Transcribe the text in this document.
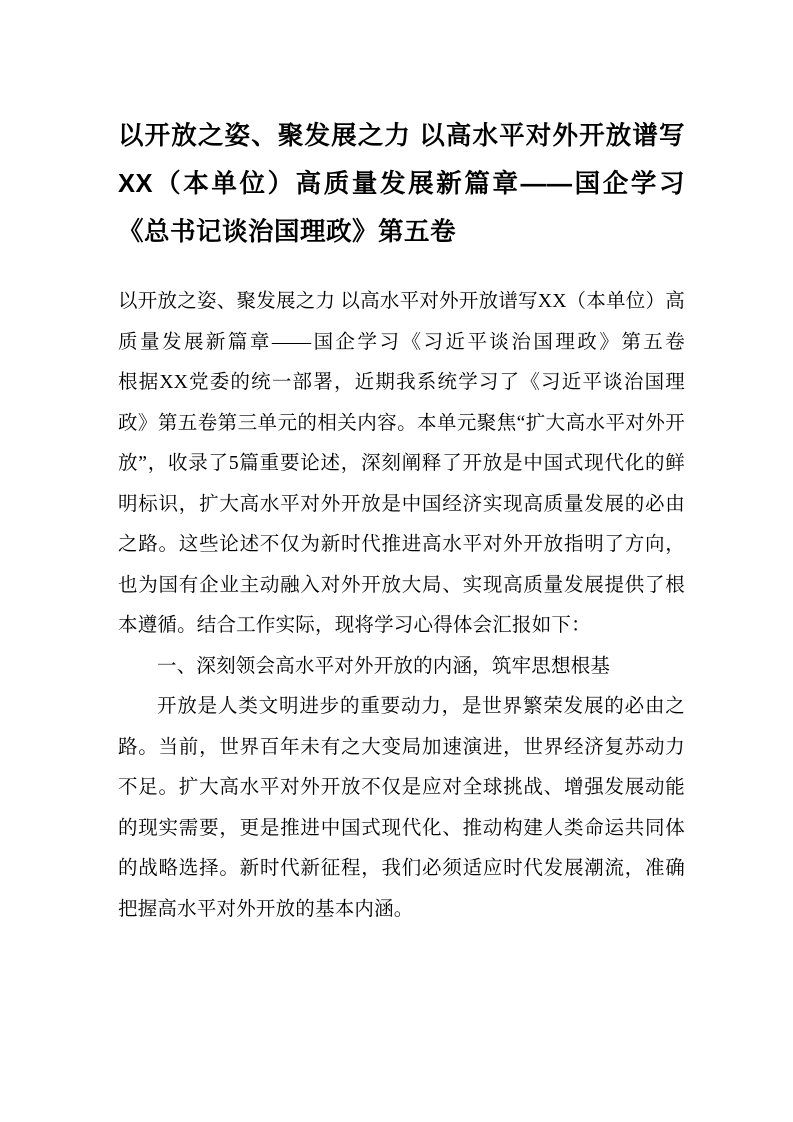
以开放之姿、聚发展之力 以高水平对外开放谱写 XX（本单位）高质量发展新篇章——国企学习《总书记谈治国理政》第五卷

以开放之姿、聚发展之力 以高水平对外开放谱写XX（本单位）高质量发展新篇章——国企学习《习近平谈治国理政》第五卷　　根据XX党委的统一部署，近期我系统学习了《习近平谈治国理政》第五卷第三单元的相关内容。本单元聚焦“扩大高水平对外开放”，收录了5篇重要论述，深刻阐释了开放是中国式现代化的鲜明标识，扩大高水平对外开放是中国经济实现高质量发展的必由之路。这些论述不仅为新时代推进高水平对外开放指明了方向，也为国有企业主动融入对外开放大局、实现高质量发展提供了根本遵循。结合工作实际，现将学习心得体会汇报如下：

一、深刻领会高水平对外开放的内涵，筑牢思想根基

开放是人类文明进步的重要动力，是世界繁荣发展的必由之路。当前，世界百年未有之大变局加速演进，世界经济复苏动力不足。扩大高水平对外开放不仅是应对全球挑战、增强发展动能的现实需要，更是推进中国式现代化、推动构建人类命运共同体的战略选择。新时代新征程，我们必须适应时代发展潮流，准确把握高水平对外开放的基本内涵。
